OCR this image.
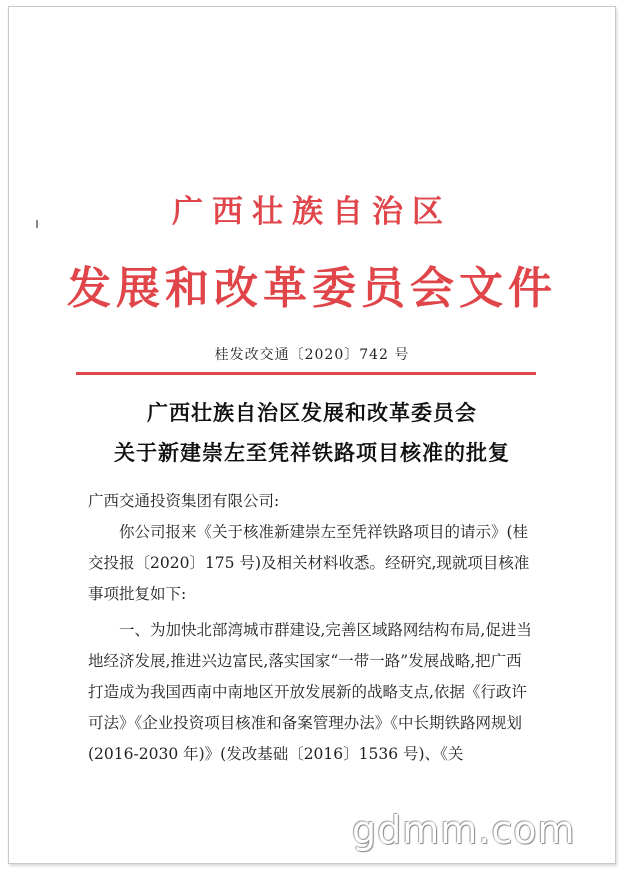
广西壮族自治区
发展和改革委员会文件
桂发改交通〔2020〕742 号
广西壮族自治区发展和改革委员会
关于新建崇左至凭祥铁路项目核准的批复
广西交通投资集团有限公司:
你公司报来《关于核准新建崇左至凭祥铁路项目的请示》(桂交投报〔2020〕175 号)及相关材料收悉。经研究,现就项目核准事项批复如下:
一、为加快北部湾城市群建设,完善区域路网结构布局,促进当地经济发展,推进兴边富民,落实国家“一带一路”发展战略,把广西打造成为我国西南中南地区开放发展新的战略支点,依据《行政许可法》《企业投资项目核准和备案管理办法》《中长期铁路网规划(2016-2030 年)》(发改基础〔2016〕1536 号)、《关
gdmm.com
